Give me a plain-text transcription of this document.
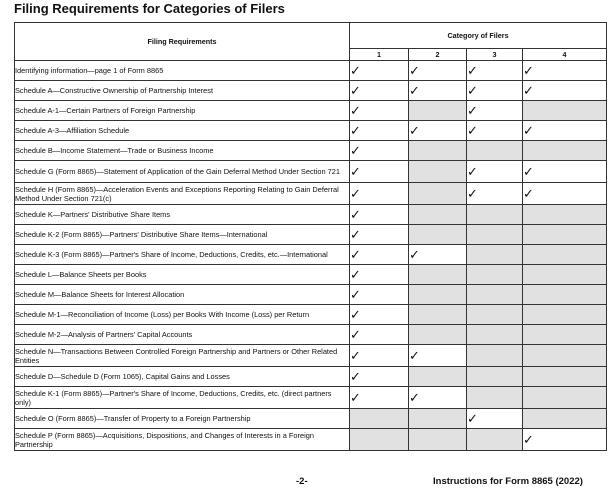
Filing Requirements for Categories of Filers
Filing Requirements	Category of Filers			
	1	2	3	4
Identifying information—page 1 of Form 8865	✓	✓	✓	✓
Schedule A—Constructive Ownership of Partnership Interest	✓	✓	✓	✓
Schedule A-1—Certain Partners of Foreign Partnership	✓		✓	
Schedule A-3—Affiliation Schedule	✓	✓	✓	✓
Schedule B—Income Statement—Trade or Business Income	✓			
Schedule G (Form 8865)—Statement of Application of the Gain Deferral Method Under Section 721	✓		✓	✓
Schedule H (Form 8865)—Acceleration Events and Exceptions Reporting Relating to Gain Deferral Method Under Section 721(c)	✓		✓	✓
Schedule K—Partners' Distributive Share Items	✓			
Schedule K-2 (Form 8865)—Partners' Distributive Share Items—International	✓			
Schedule K-3 (Form 8865)—Partner's Share of Income, Deductions, Credits, etc.—International	✓	✓		
Schedule L—Balance Sheets per Books	✓			
Schedule M—Balance Sheets for Interest Allocation	✓			
Schedule M-1—Reconciliation of Income (Loss) per Books With Income (Loss) per Return	✓			
Schedule M-2—Analysis of Partners' Capital Accounts	✓			
Schedule N—Transactions Between Controlled Foreign Partnership and Partners or Other Related Entities	✓	✓		
Schedule D—Schedule D (Form 1065), Capital Gains and Losses	✓			
Schedule K-1 (Form 8865)—Partner's Share of Income, Deductions, Credits, etc. (direct partners only)	✓	✓		
Schedule O (Form 8865)—Transfer of Property to a Foreign Partnership			✓	
Schedule P (Form 8865)—Acquisitions, Dispositions, and Changes of Interests in a Foreign Partnership				✓
-2-	Instructions for Form 8865 (2022)
